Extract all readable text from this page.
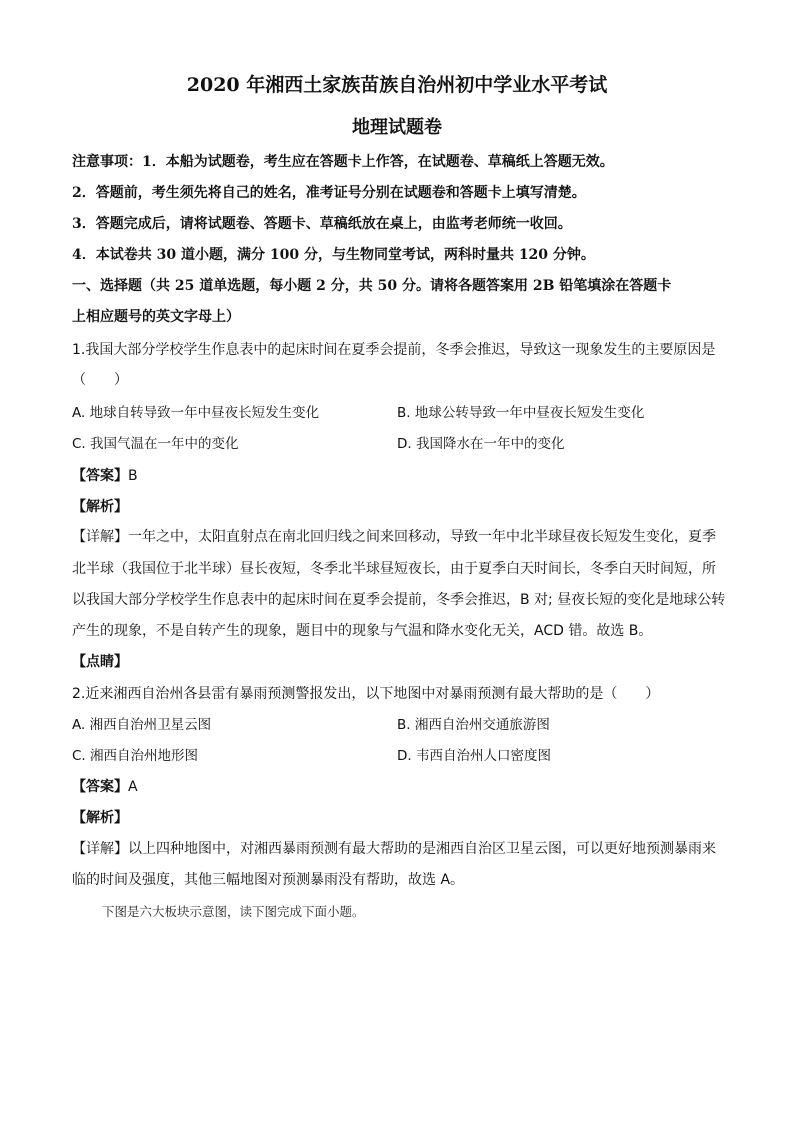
2020 年湘西土家族苗族自治州初中学业水平考试
地理试题卷
注意事项：1．本船为试题卷，考生应在答题卡上作答，在试题卷、草稿纸上答题无效。
2．答题前，考生须先将自己的姓名，准考证号分别在试题卷和答题卡上填写清楚。
3．答题完成后，请将试题卷、答题卡、草稿纸放在桌上，由监考老师统一收回。
4．本试卷共 30 道小题，满分 100 分，与生物同堂考试，两科时量共 120 分钟。
一、选择题（共 25 道单选题，每小题 2 分，共 50 分。请将各题答案用 2B 铅笔填涂在答题卡
上相应题号的英文字母上）
1.我国大部分学校学生作息表中的起床时间在夏季会提前，冬季会推迟，导致这一现象发生的主要原因是
（　　）
A. 地球自转导致一年中昼夜长短发生变化	B. 地球公转导致一年中昼夜长短发生变化
C. 我国气温在一年中的变化	D. 我国降水在一年中的变化
【答案】B
【解析】
【详解】一年之中，太阳直射点在南北回归线之间来回移动，导致一年中北半球昼夜长短发生变化，夏季
北半球（我国位于北半球）昼长夜短，冬季北半球昼短夜长，由于夏季白天时间长，冬季白天时间短，所
以我国大部分学校学生作息表中的起床时间在夏季会提前，冬季会推迟，B 对; 昼夜长短的变化是地球公转
产生的现象，不是自转产生的现象，题目中的现象与气温和降水变化无关，ACD 错。故选 B。
【点睛】
2.近来湘西自治州各县雷有暴雨预测警报发出，以下地图中对暴雨预测有最大帮助的是（　　）
A. 湘西自治州卫星云图	B. 湘西自治州交通旅游图
C. 湘西自治州地形图	D. 韦西自治州人口密度图
【答案】A
【解析】
【详解】以上四种地图中，对湘西暴雨预测有最大帮助的是湘西自治区卫星云图，可以更好地预测暴雨来
临的时间及强度，其他三幅地图对预测暴雨没有帮助，故选 A。
下图是六大板块示意图，读下图完成下面小题。
